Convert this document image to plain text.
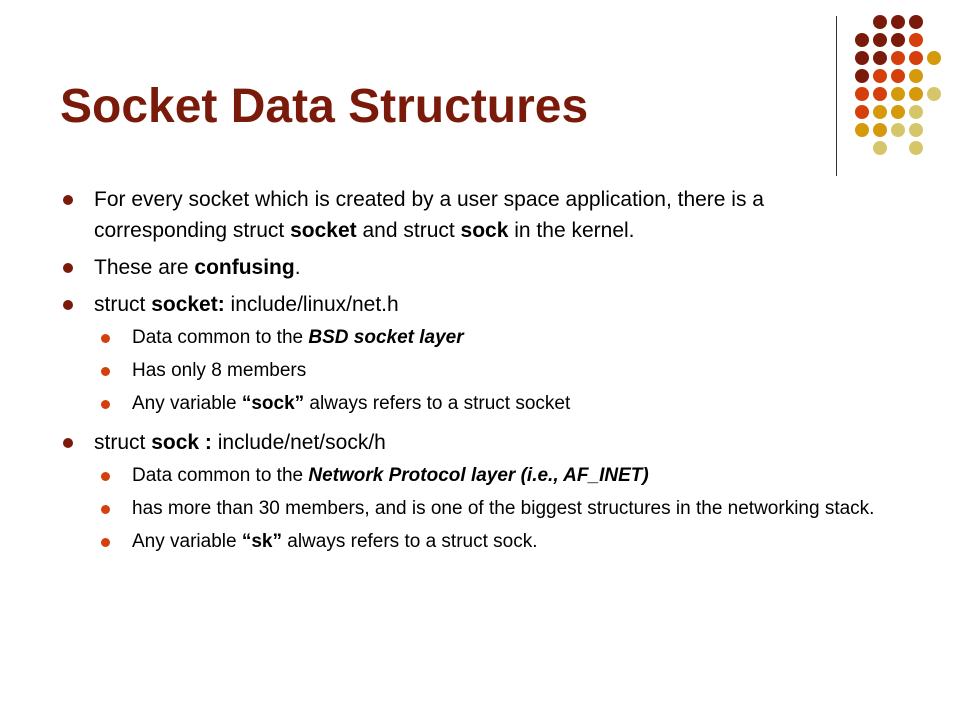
Socket Data Structures
For every socket which is created by a user space application, there is a corresponding struct socket and struct sock in the kernel.
These are confusing.
struct socket: include/linux/net.h
Data common to the BSD socket layer
Has only 8 members
Any variable “sock” always refers to a struct socket
struct sock : include/net/sock/h
Data common to the Network Protocol layer (i.e., AF_INET)
has more than 30 members, and is one of the biggest structures in the networking stack.
Any variable “sk” always refers to a struct sock.
